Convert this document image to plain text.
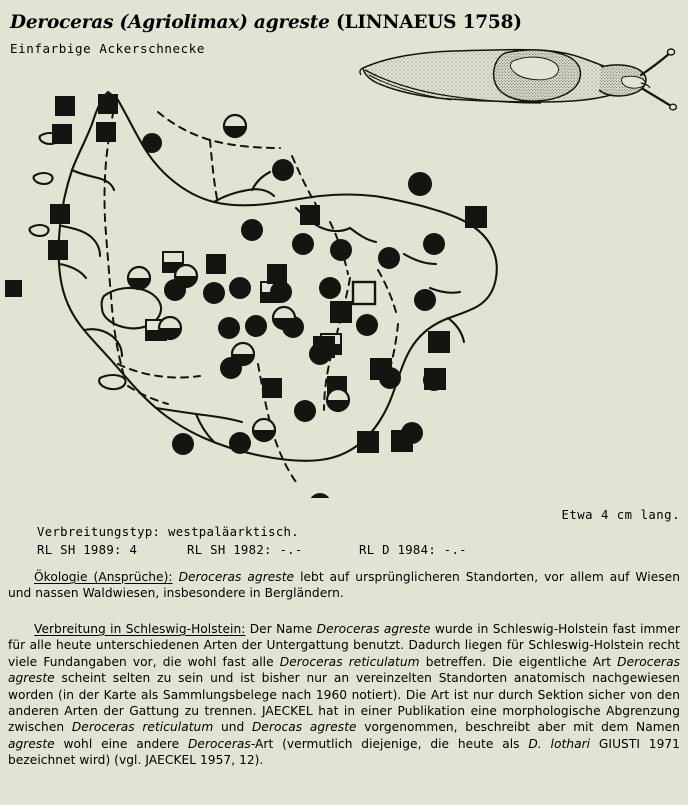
Deroceras (Agriolimax) agreste (LINNAEUS 1758)
Einfarbige Ackerschnecke
Etwa 4 cm lang.
Verbreitungstyp: westpaläarktisch.
RL SH 1989: 4	RL SH 1982: -.-	RL D 1984: -.-
Ökologie (Ansprüche): Deroceras agreste lebt auf ursprünglicheren Standorten, vor allem auf Wiesen und nassen Waldwiesen, insbesondere in Bergländern.
Verbreitung in Schleswig-Holstein: Der Name Deroceras agreste wurde in Schleswig-Holstein fast immer für alle heute unterschiedenen Arten der Untergattung benutzt. Dadurch liegen für Schleswig-Holstein recht viele Fundangaben vor, die wohl fast alle Deroceras reticulatum betreffen. Die eigentliche Art Deroceras agreste scheint selten zu sein und ist bisher nur an vereinzelten Standorten anatomisch nachgewiesen worden (in der Karte als Sammlungsbelege nach 1960 notiert). Die Art ist nur durch Sektion sicher von den anderen Arten der Gattung zu trennen. JAECKEL hat in einer Publikation eine morphologische Abgrenzung zwischen Deroceras reticulatum und Derocas agreste vorgenommen, beschreibt aber mit dem Namen agreste wohl eine andere Deroceras-Art (vermutlich diejenige, die heute als D. lothari GIUSTI 1971 bezeichnet wird) (vgl. JAECKEL 1957, 12).
